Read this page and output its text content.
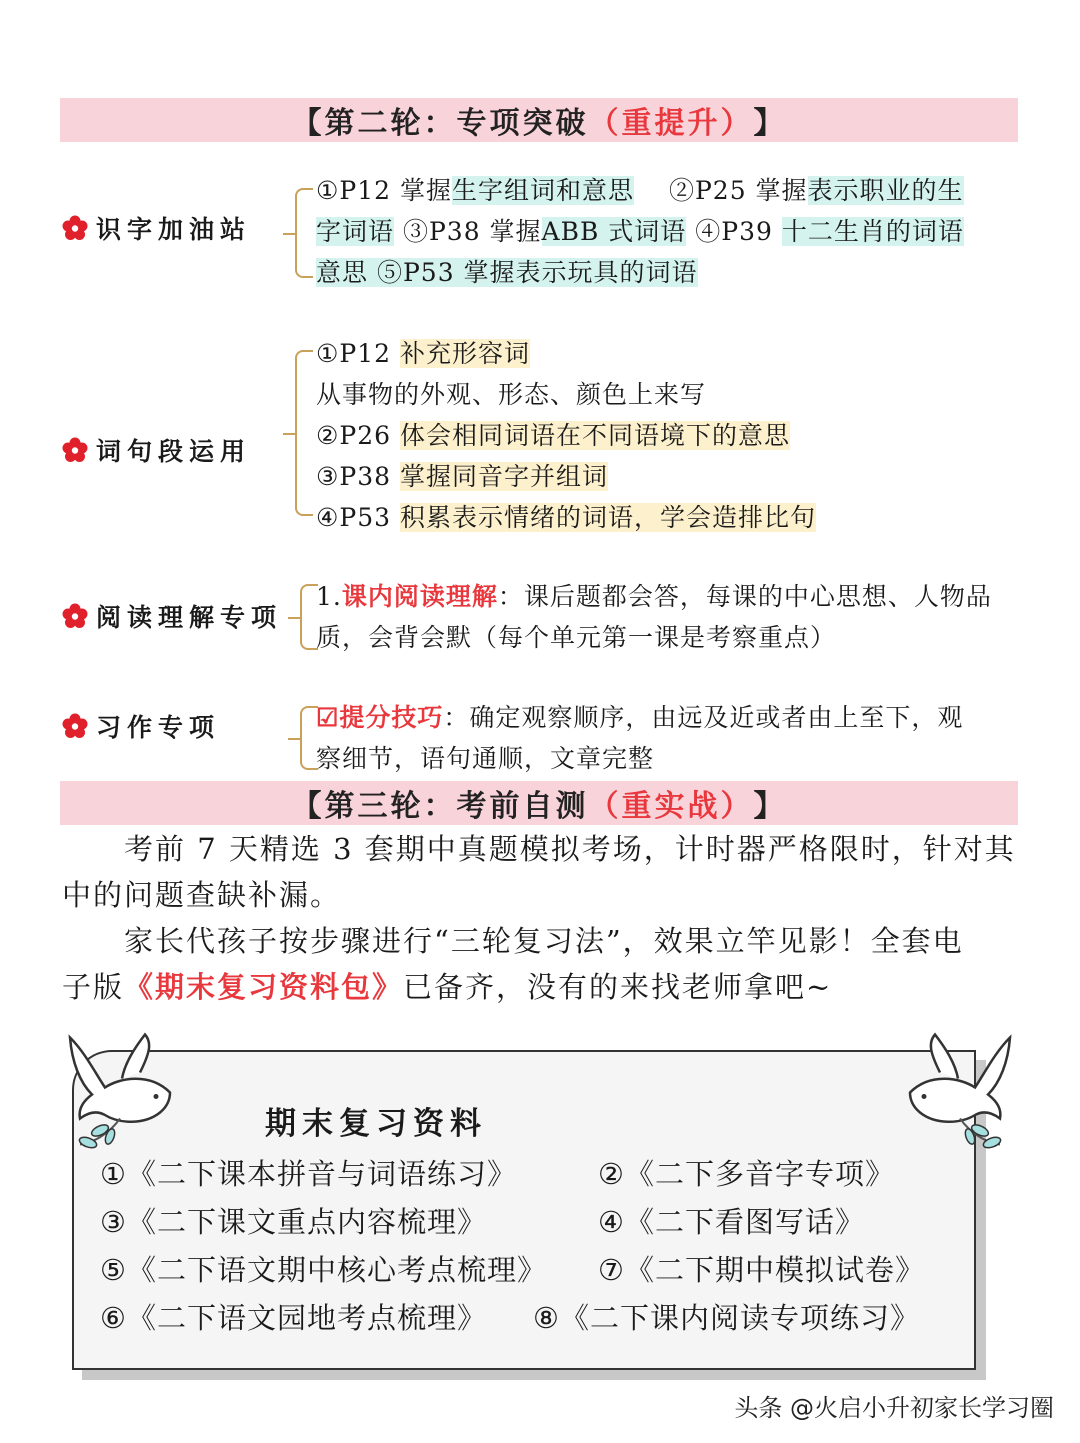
【第二轮：专项突破 （重提升） 】
识字加油站
①P12 掌握生字组词和意思　 ②P25 掌握表示职业的生
字词语 ③P38 掌握ABB 式词语 ④P39 十二生肖的词语
意思 ⑤P53 掌握表示玩具的词语
词句段运用
①P12 补充形容词
从事物的外观、形态、颜色上来写
②P26 体会相同词语在不同语境下的意思
③P38 掌握同音字并组词
④P53 积累表示情绪的词语，学会造排比句
阅读理解专项
1.课内阅读理解：课后题都会答，每课的中心思想、人物品
质，会背会默（每个单元第一课是考察重点）
习作专项	☑提分技巧：确定观察顺序，由远及近或者由上至下，观
察细节，语句通顺，文章完整
【第三轮：考前自测 （重实战） 】
考前 7 天精选 3 套期中真题模拟考场，计时器严格限时，针对其
中的问题查缺补漏。
家长代孩子按步骤进行“三轮复习法”，效果立竿见影！全套电
子版《期末复习资料包》已备齐，没有的来找老师拿吧~
期末复习资料
①《二下课本拼音与词语练习》	②《二下多音字专项》
③《二下课文重点内容梳理》	④《二下看图写话》
⑤《二下语文期中核心考点梳理》 ⑦《二下期中模拟试卷》
⑥《二下语文园地考点梳理》 ⑧《二下课内阅读专项练习》
头条 @火启小升初家长学习圈
